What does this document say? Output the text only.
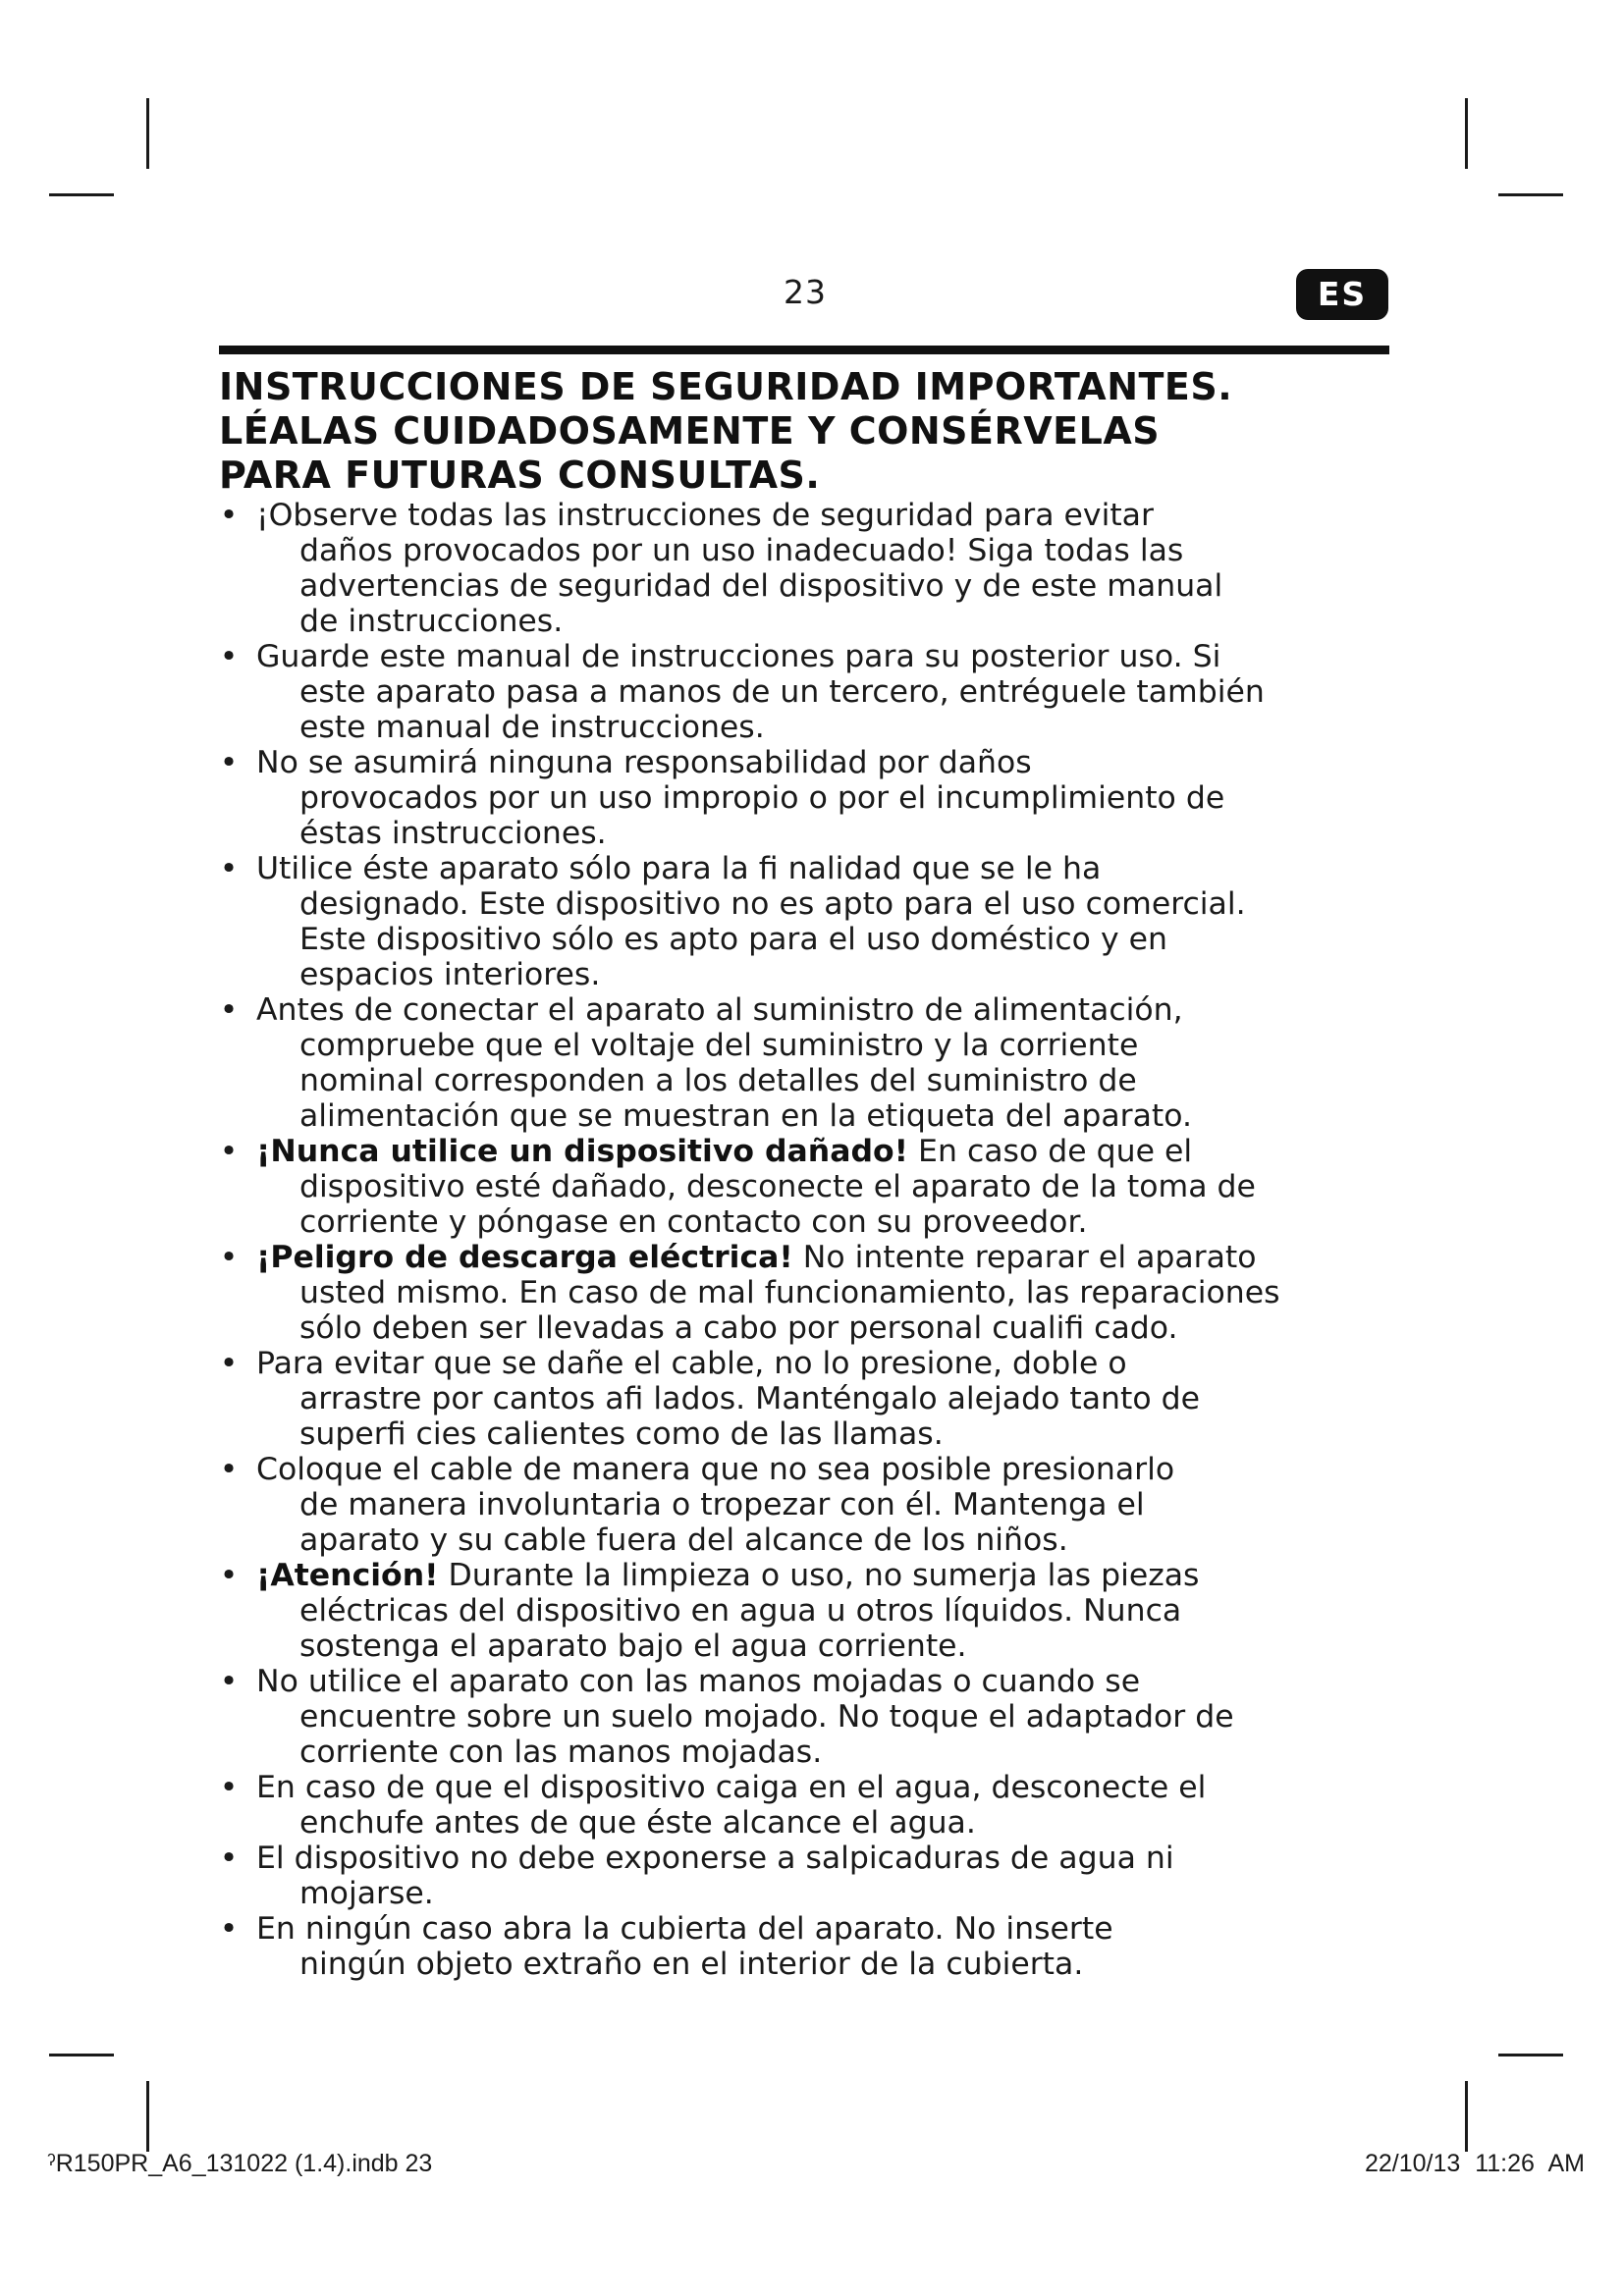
23	ES
INSTRUCCIONES DE SEGURIDAD IMPORTANTES.
LÉALAS CUIDADOSAMENTE Y CONSÉRVELAS
PARA FUTURAS CONSULTAS.
• ¡Observe todas las instrucciones de seguridad para evitar
daños provocados por un uso inadecuado! Siga todas las
advertencias de seguridad del dispositivo y de este manual
de instrucciones.
• Guarde este manual de instrucciones para su posterior uso. Si
este aparato pasa a manos de un tercero, entréguele también
este manual de instrucciones.
• No se asumirá ninguna responsabilidad por daños
provocados por un uso impropio o por el incumplimiento de
éstas instrucciones.
• Utilice éste aparato sólo para la fi nalidad que se le ha
designado. Este dispositivo no es apto para el uso comercial.
Este dispositivo sólo es apto para el uso doméstico y en
espacios interiores.
• Antes de conectar el aparato al suministro de alimentación,
compruebe que el voltaje del suministro y la corriente
nominal corresponden a los detalles del suministro de
alimentación que se muestran en la etiqueta del aparato.
• ¡Nunca utilice un dispositivo dañado! En caso de que el
dispositivo esté dañado, desconecte el aparato de la toma de
corriente y póngase en contacto con su proveedor.
• ¡Peligro de descarga eléctrica! No intente reparar el aparato
usted mismo. En caso de mal funcionamiento, las reparaciones
sólo deben ser llevadas a cabo por personal cualifi cado.
• Para evitar que se dañe el cable, no lo presione, doble o
arrastre por cantos afi lados. Manténgalo alejado tanto de
superfi cies calientes como de las llamas.
• Coloque el cable de manera que no sea posible presionarlo
de manera involuntaria o tropezar con él. Mantenga el
aparato y su cable fuera del alcance de los niños.
• ¡Atención! Durante la limpieza o uso, no sumerja las piezas
eléctricas del dispositivo en agua u otros líquidos. Nunca
sostenga el aparato bajo el agua corriente.
• No utilice el aparato con las manos mojadas o cuando se
encuentre sobre un suelo mojado. No toque el adaptador de
corriente con las manos mojadas.
• En caso de que el dispositivo caiga en el agua, desconecte el
enchufe antes de que éste alcance el agua.
• El dispositivo no debe exponerse a salpicaduras de agua ni
mojarse.
• En ningún caso abra la cubierta del aparato. No inserte
ningún objeto extraño en el interior de la cubierta.
ˀR150PR_A6_131022 (1.4).indb 23	22/10/13 11:26 AM
